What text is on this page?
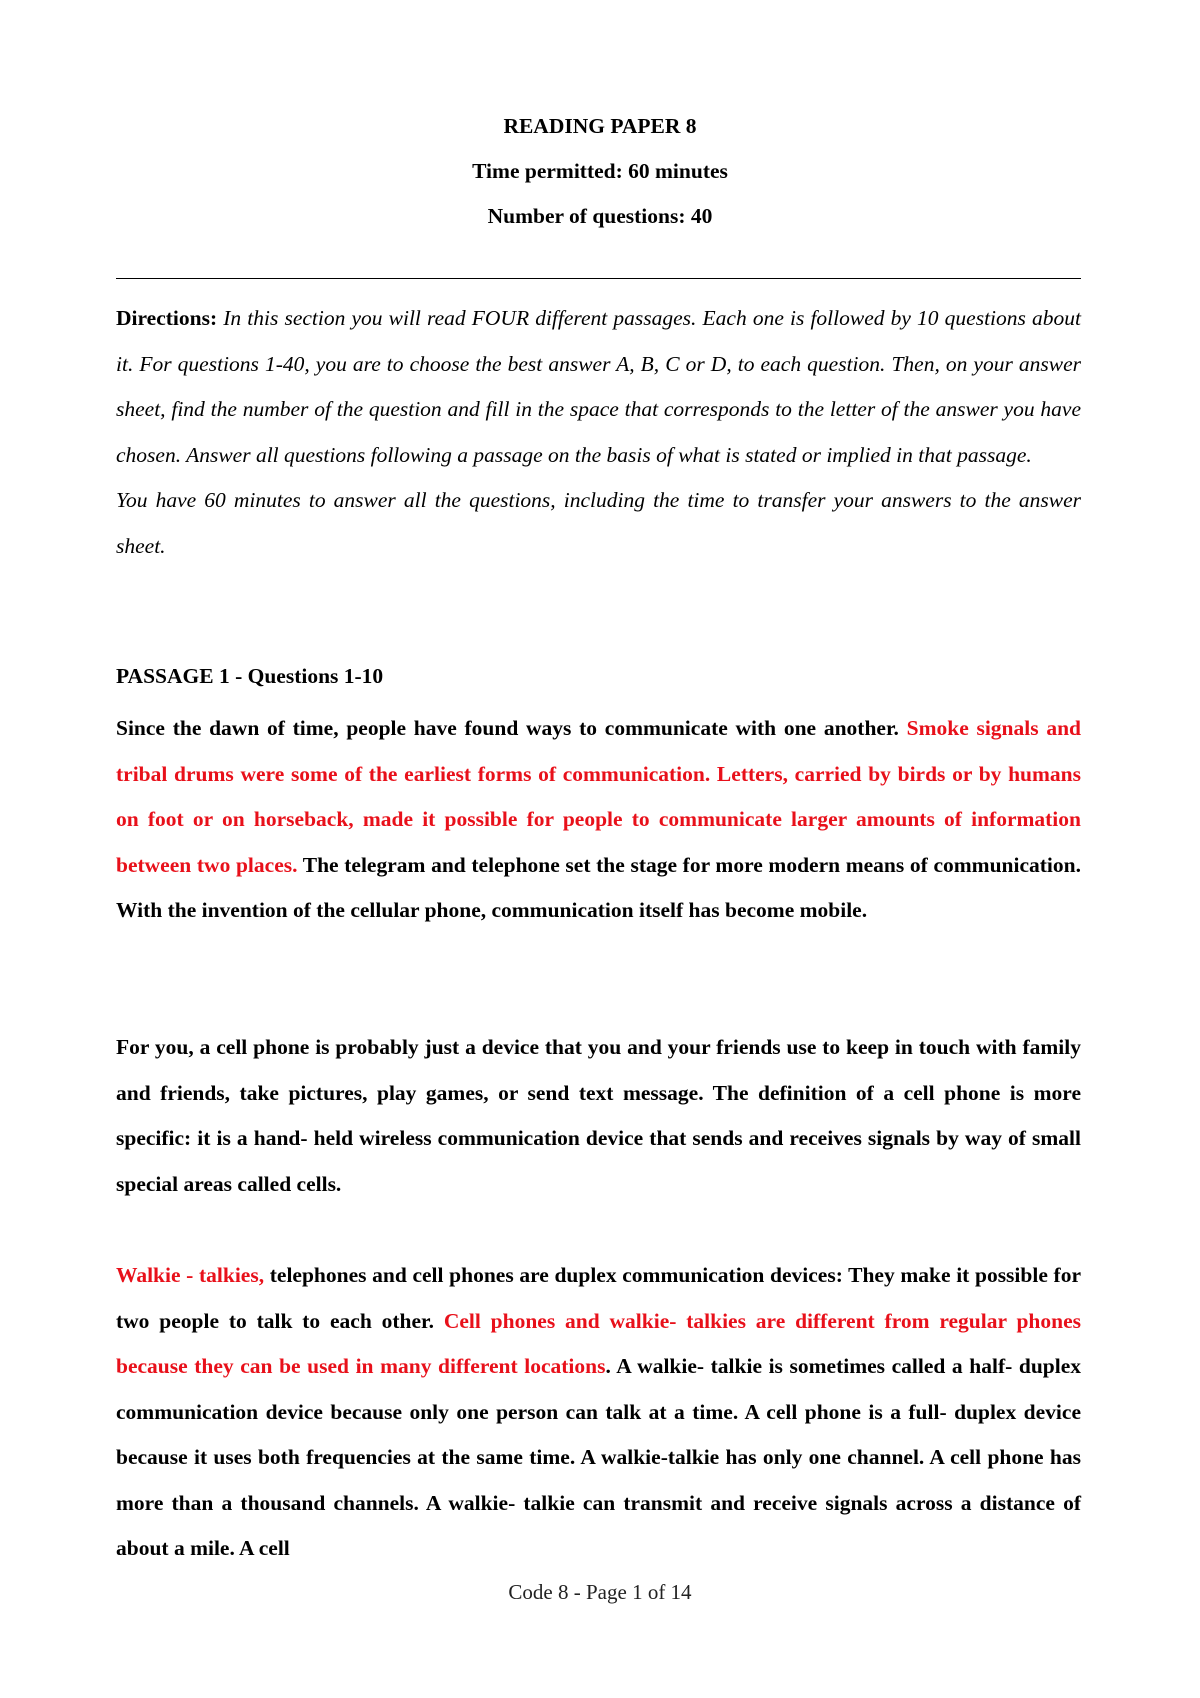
READING PAPER 8
Time permitted: 60 minutes
Number of questions: 40
Directions: In this section you will read FOUR different passages. Each one is followed by 10 questions about it. For questions 1-40, you are to choose the best answer A, B, C or D, to each question. Then, on your answer sheet, find the number of the question and fill in the space that corresponds to the letter of the answer you have chosen. Answer all questions following a passage on the basis of what is stated or implied in that passage.
You have 60 minutes to answer all the questions, including the time to transfer your answers to the answer sheet.
PASSAGE 1 - Questions 1-10
Since the dawn of time, people have found ways to communicate with one another. Smoke signals and tribal drums were some of the earliest forms of communication. Letters, carried by birds or by humans on foot or on horseback, made it possible for people to communicate larger amounts of information between two places. The telegram and telephone set the stage for more modern means of communication. With the invention of the cellular phone, communication itself has become mobile.
For you, a cell phone is probably just a device that you and your friends use to keep in touch with family and friends, take pictures, play games, or send text message. The definition of a cell phone is more specific: it is a hand- held wireless communication device that sends and receives signals by way of small special areas called cells.
Walkie - talkies, telephones and cell phones are duplex communication devices: They make it possible for two people to talk to each other. Cell phones and walkie- talkies are different from regular phones because they can be used in many different locations. A walkie- talkie is sometimes called a half- duplex communication device because only one person can talk at a time. A cell phone is a full- duplex device because it uses both frequencies at the same time. A walkie-talkie has only one channel. A cell phone has more than a thousand channels. A walkie- talkie can transmit and receive signals across a distance of about a mile. A cell
Code 8 - Page 1 of 14
